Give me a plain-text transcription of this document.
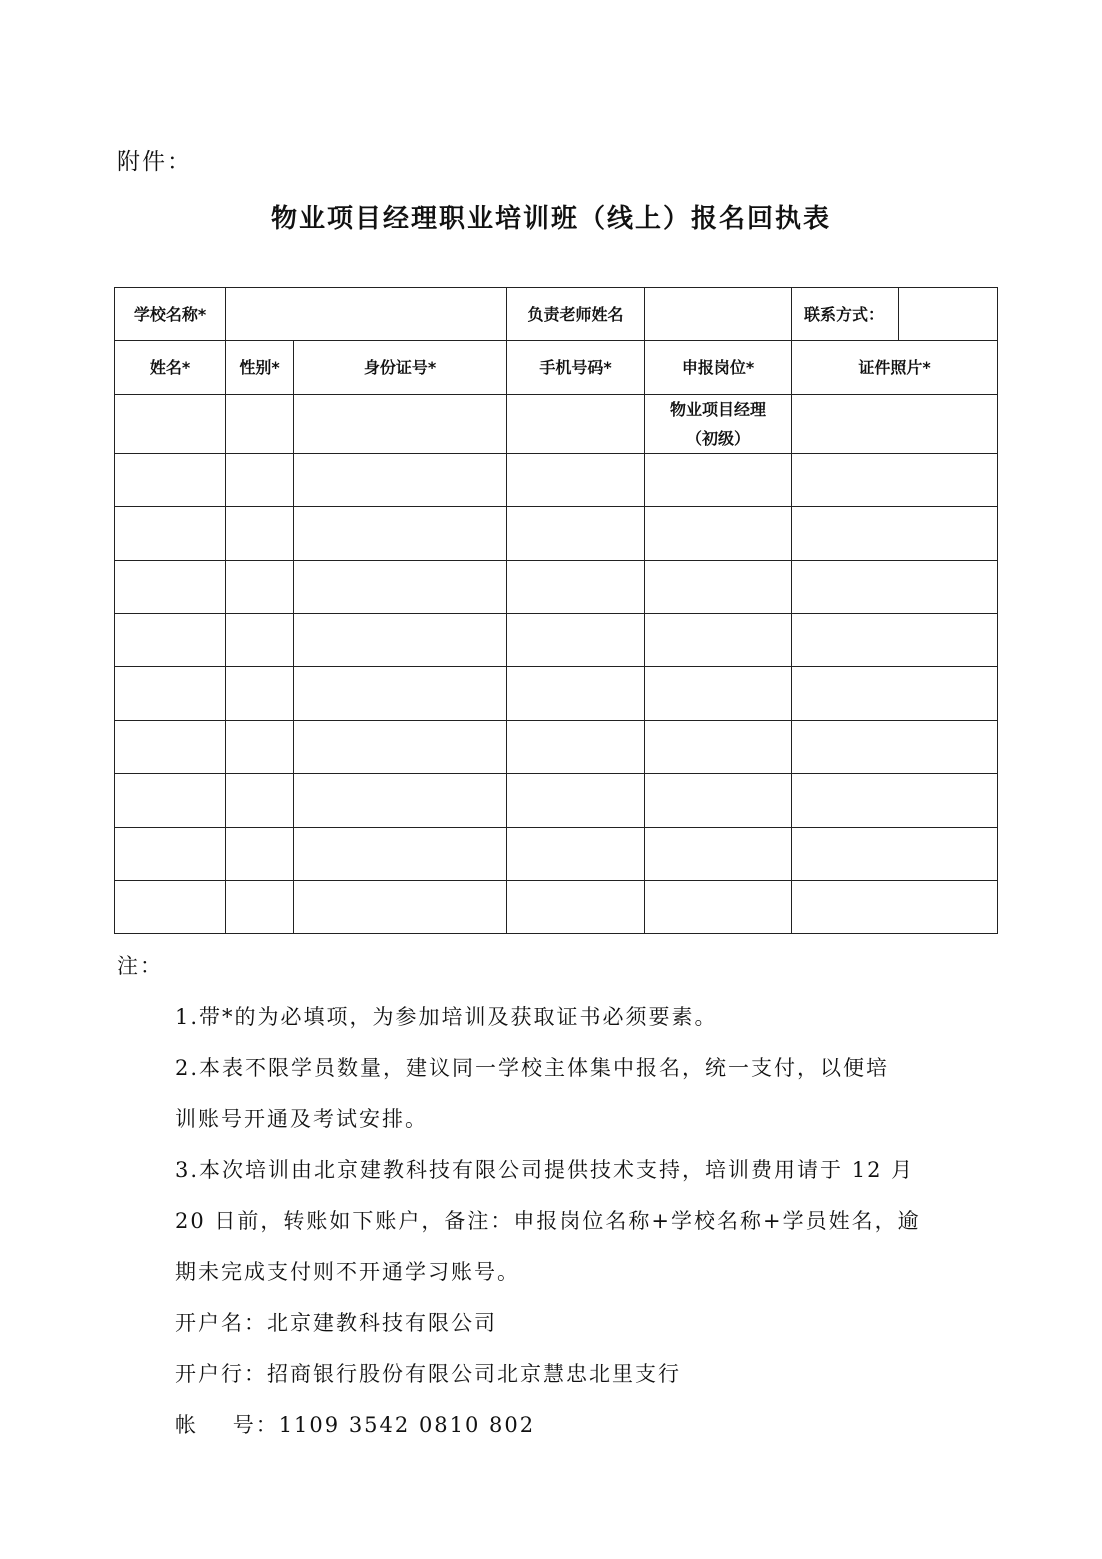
附件：
物业项目经理职业培训班（线上）报名回执表
学校名称*			负责老师姓名		联系方式：	
姓名*	性别*	身份证号*	手机号码*	申报岗位*	证件照片*	

				物业项目经理
（初级）		

注：
1.带*的为必填项，为参加培训及获取证书必须要素。
2.本表不限学员数量，建议同一学校主体集中报名，统一支付，以便培
训账号开通及考试安排。
3.本次培训由北京建教科技有限公司提供技术支持，培训费用请于 12 月
20 日前，转账如下账户，备注：申报岗位名称+学校名称+学员姓名，逾
期未完成支付则不开通学习账号。
开户名：北京建教科技有限公司
开户行：招商银行股份有限公司北京慧忠北里支行
帐    号：1109 3542 0810 802
